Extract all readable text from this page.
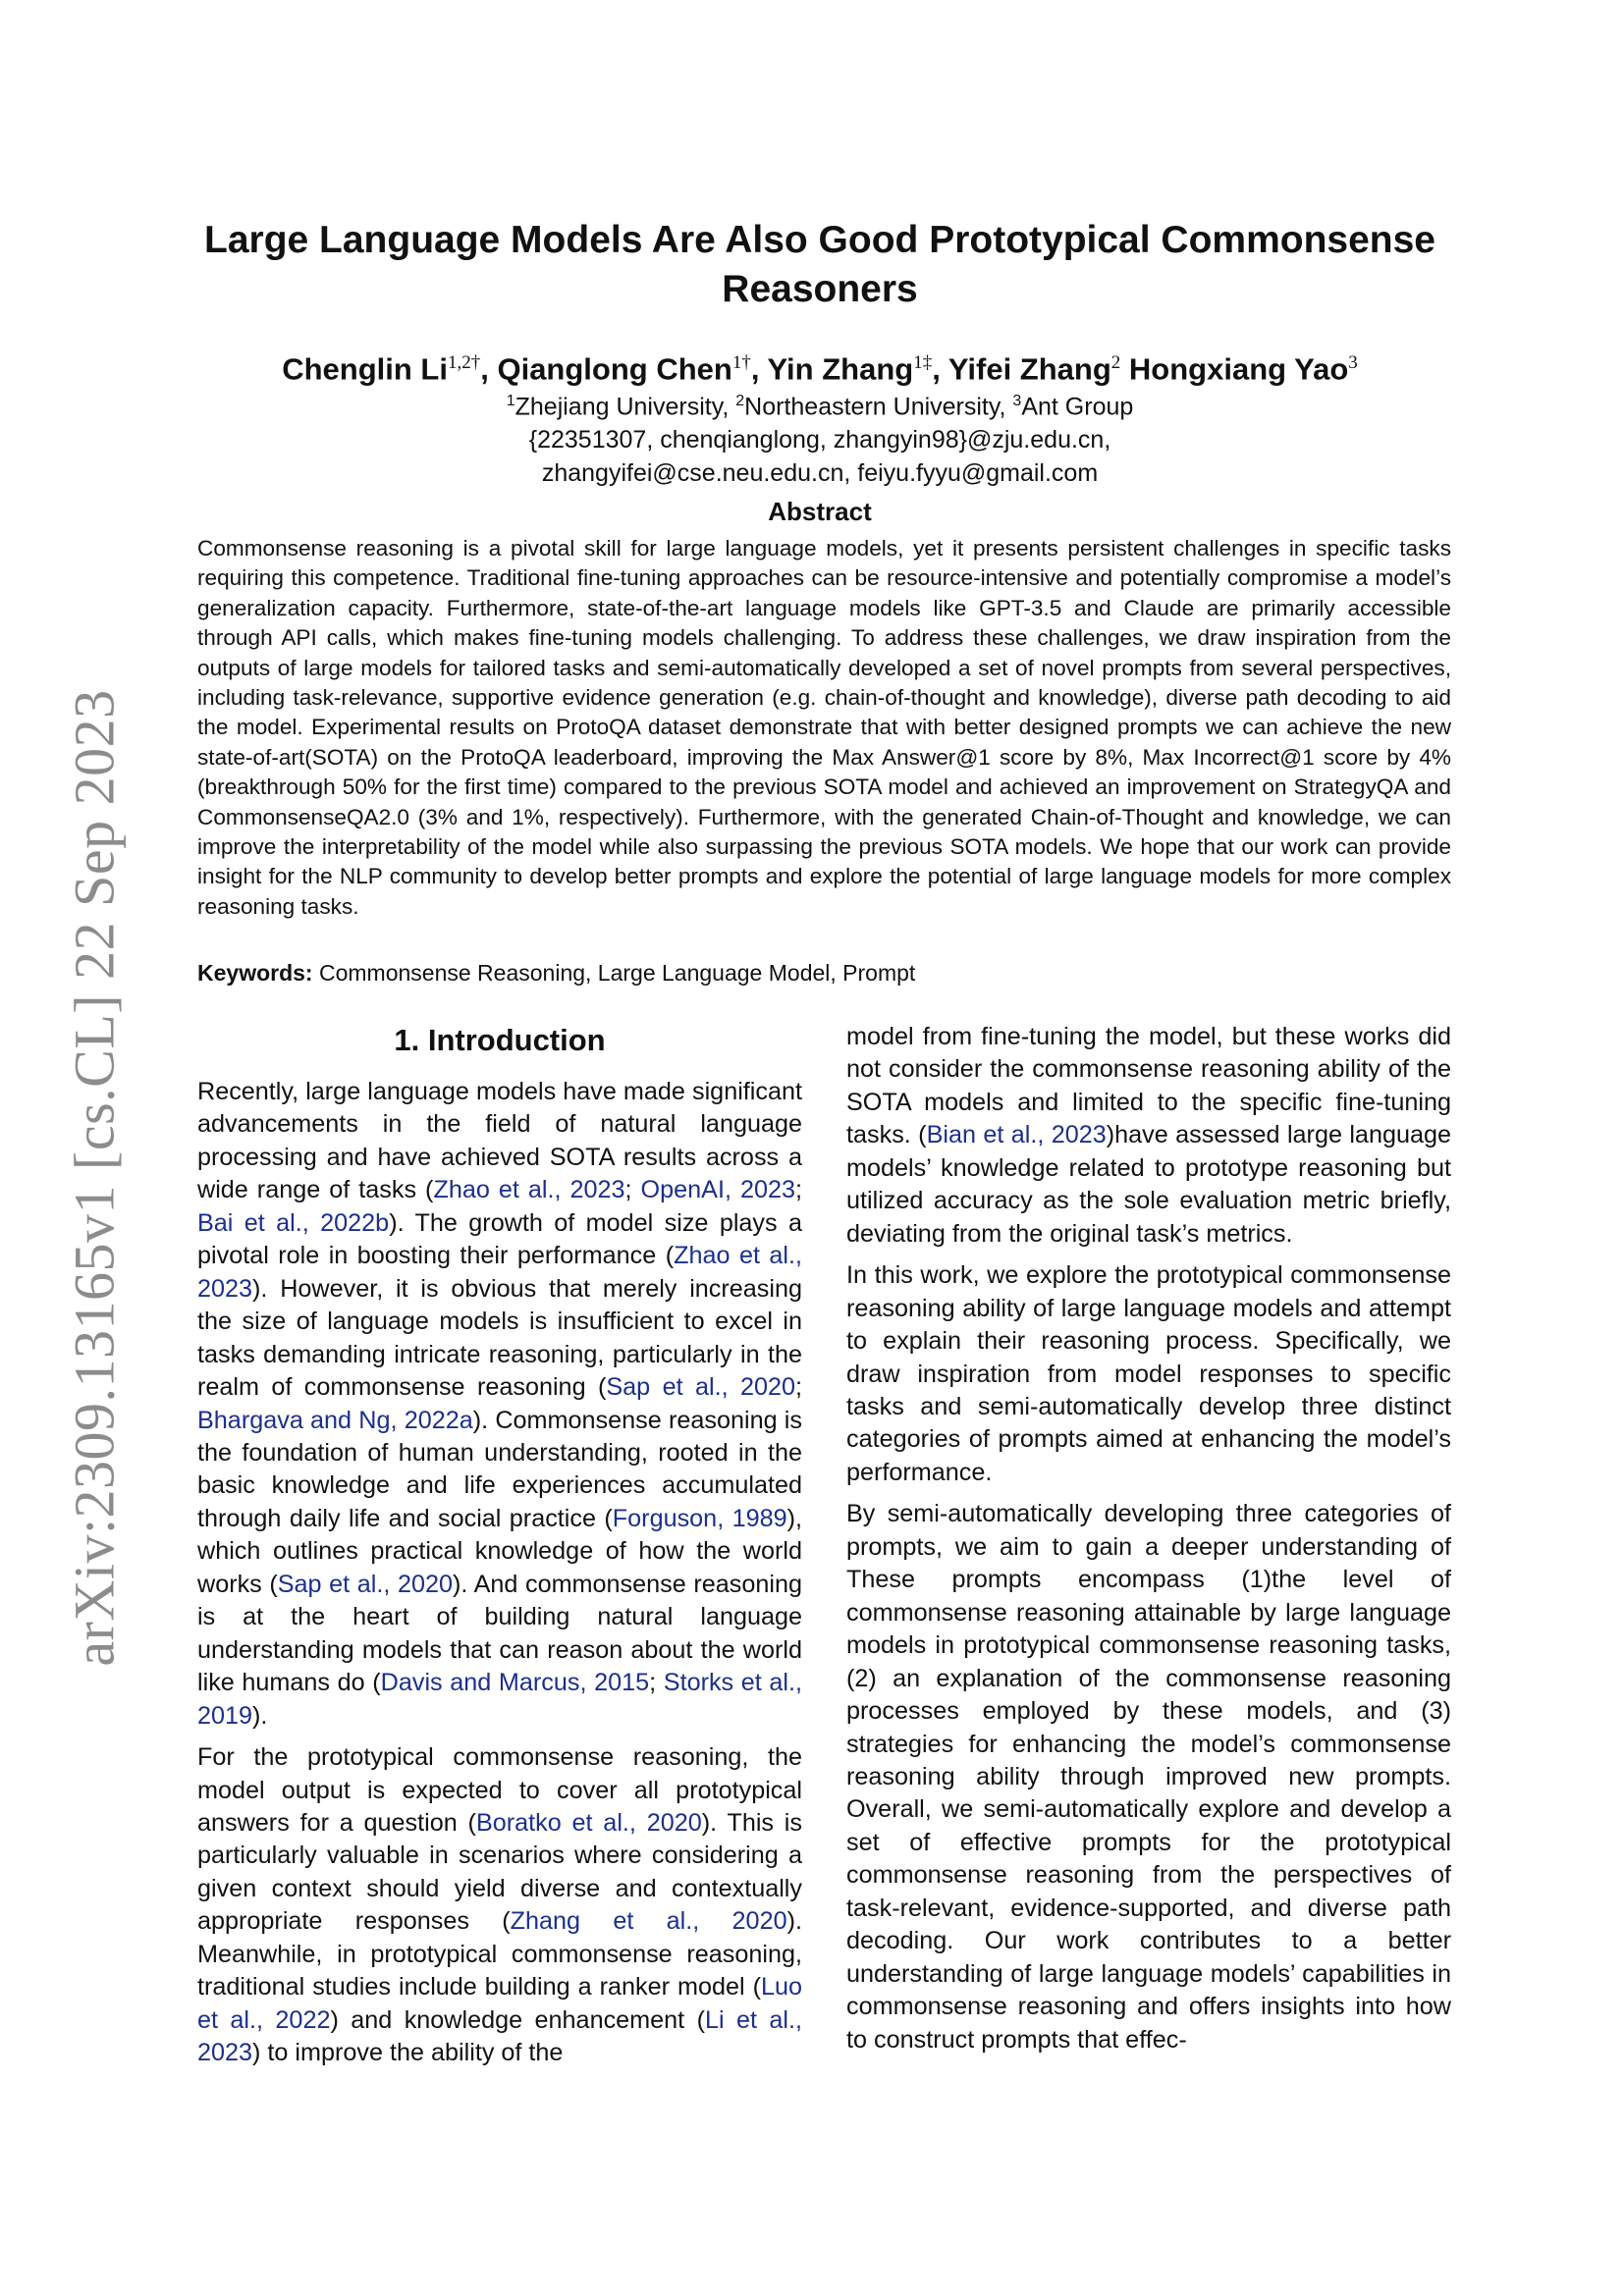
arXiv:2309.13165v1 [cs.CL] 22 Sep 2023
Large Language Models Are Also Good Prototypical Commonsense Reasoners
Chenglin $Li^{1,2\dagger}$, Qianglong Chen$^{1\dagger}$, Yin Zhang$^{1\ddagger}$, Yifei Zhang$^2$ Hongxiang Yao$^3$
$^1$Zhejiang University, $^2$Northeastern University, $^3$Ant Group
{22351307, chenqianglong, zhangyin98}@zju.edu.cn,
zhangyifei@cse.neu.edu.cn, feiyu.fyyu@gmail.com
Abstract
Commonsense reasoning is a pivotal skill for large language models, yet it presents persistent challenges in specific tasks requiring this competence. Traditional fine-tuning approaches can be resource-intensive and potentially compromise a model’s generalization capacity. Furthermore, state-of-the-art language models like GPT-3.5 and Claude are primarily accessible through API calls, which makes fine-tuning models challenging. To address these challenges, we draw inspiration from the outputs of large models for tailored tasks and semi-automatically developed a set of novel prompts from several perspectives, including task-relevance, supportive evidence generation (e.g. chain-of-thought and knowledge), diverse path decoding to aid the model. Experimental results on ProtoQA dataset demonstrate that with better designed prompts we can achieve the new state-of-art(SOTA) on the ProtoQA leaderboard, improving the Max Answer@1 score by 8%, Max Incorrect@1 score by 4% (breakthrough 50% for the first time) compared to the previous SOTA model and achieved an improvement on StrategyQA and CommonsenseQA2.0 (3% and 1%, respectively). Furthermore, with the generated Chain-of-Thought and knowledge, we can improve the interpretability of the model while also surpassing the previous SOTA models. We hope that our work can provide insight for the NLP community to develop better prompts and explore the potential of large language models for more complex reasoning tasks.
Keywords: Commonsense Reasoning, Large Language Model, Prompt
1. Introduction

Recently, large language models have made significant advancements in the field of natural language processing and have achieved SOTA results across a wide range of tasks (Zhao et al., 2023; OpenAI, 2023; Bai et al., 2022b). The growth of model size plays a pivotal role in boosting their performance (Zhao et al., 2023). However, it is obvious that merely increasing the size of language models is insufficient to excel in tasks demanding intricate reasoning, particularly in the realm of commonsense reasoning (Sap et al., 2020; Bhargava and Ng, 2022a). Commonsense reasoning is the foundation of human understanding, rooted in the basic knowledge and life experiences accumulated through daily life and social practice (Forguson, 1989), which outlines practical knowledge of how the world works (Sap et al., 2020). And commonsense reasoning is at the heart of building natural language understanding models that can reason about the world like humans do (Davis and Marcus, 2015; Storks et al., 2019).

For the prototypical commonsense reasoning, the model output is expected to cover all prototypical answers for a question (Boratko et al., 2020). This is particularly valuable in scenarios where considering a given context should yield diverse and contextually appropriate responses (Zhang et al., 2020). Meanwhile, in prototypical commonsense reasoning, traditional studies include building a ranker model (Luo et al., 2022) and knowledge enhancement (Li et al., 2023) to improve the ability of the

model from fine-tuning the model, but these works did not consider the commonsense reasoning ability of the SOTA models and limited to the specific fine-tuning tasks. (Bian et al., 2023)have assessed large language models’ knowledge related to prototype reasoning but utilized accuracy as the sole evaluation metric briefly, deviating from the original task’s metrics.

In this work, we explore the prototypical commonsense reasoning ability of large language models and attempt to explain their reasoning process. Specifically, we draw inspiration from model responses to specific tasks and semi-automatically develop three distinct categories of prompts aimed at enhancing the model’s performance.

By semi-automatically developing three categories of prompts, we aim to gain a deeper understanding of These prompts encompass (1)the level of commonsense reasoning attainable by large language models in prototypical commonsense reasoning tasks, (2) an explanation of the commonsense reasoning processes employed by these models, and (3) strategies for enhancing the model’s commonsense reasoning ability through improved new prompts. Overall, we semi-automatically explore and develop a set of effective prompts for the prototypical commonsense reasoning from the perspectives of task-relevant, evidence-supported, and diverse path decoding. Our work contributes to a better understanding of large language models’ capabilities in commonsense reasoning and offers insights into how to construct prompts that effec-
